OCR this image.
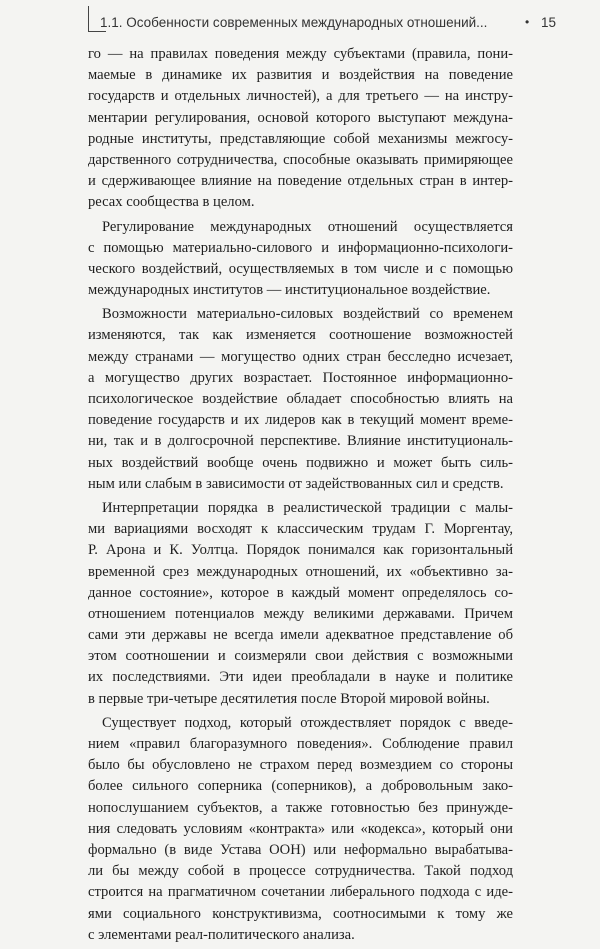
1.1. Особенности современных международных отношений...	• 15
го — на правилах поведения между субъектами (правила, пони-
маемые в динамике их развития и воздействия на поведение
государств и отдельных личностей), а для третьего — на инстру-
ментарии регулирования, основой которого выступают междуна-
родные институты, представляющие собой механизмы межгосу-
дарственного сотрудничества, способные оказывать примиряющее
и сдерживающее влияние на поведение отдельных стран в интер-
ресах сообщества в целом.
Регулирование международных отношений осуществляется
с помощью материально-силового и информационно-психологи-
ческого воздействий, осуществляемых в том числе и с помощью
международных институтов — институциональное воздействие.
Возможности материально-силовых воздействий со временем
изменяются, так как изменяется соотношение возможностей
между странами — могущество одних стран бесследно исчезает,
а могущество других возрастает. Постоянное информационно-
психологическое воздействие обладает способностью влиять на
поведение государств и их лидеров как в текущий момент време-
ни, так и в долгосрочной перспективе. Влияние институциональ-
ных воздействий вообще очень подвижно и может быть силь-
ным или слабым в зависимости от задействованных сил и средств.
Интерпретации порядка в реалистической традиции с малы-
ми вариациями восходят к классическим трудам Г. Моргентау,
Р. Арона и К. Уолтца. Порядок понимался как горизонтальный
временной срез международных отношений, их «объективно за-
данное состояние», которое в каждый момент определялось со-
отношением потенциалов между великими державами. Причем
сами эти державы не всегда имели адекватное представление об
этом соотношении и соизмеряли свои действия с возможными
их последствиями. Эти идеи преобладали в науке и политике
в первые три-четыре десятилетия после Второй мировой войны.
Существует подход, который отождествляет порядок с введе-
нием «правил благоразумного поведения». Соблюдение правил
было бы обусловлено не страхом перед возмездием со стороны
более сильного соперника (соперников), а добровольным зако-
нопослушанием субъектов, а также готовностью без принужде-
ния следовать условиям «контракта» или «кодекса», который они
формально (в виде Устава ООН) или неформально вырабатыва-
ли бы между собой в процессе сотрудничества. Такой подход
строится на прагматичном сочетании либерального подхода с иде-
ями социального конструктивизма, соотносимыми к тому же
с элементами реал-политического анализа.
